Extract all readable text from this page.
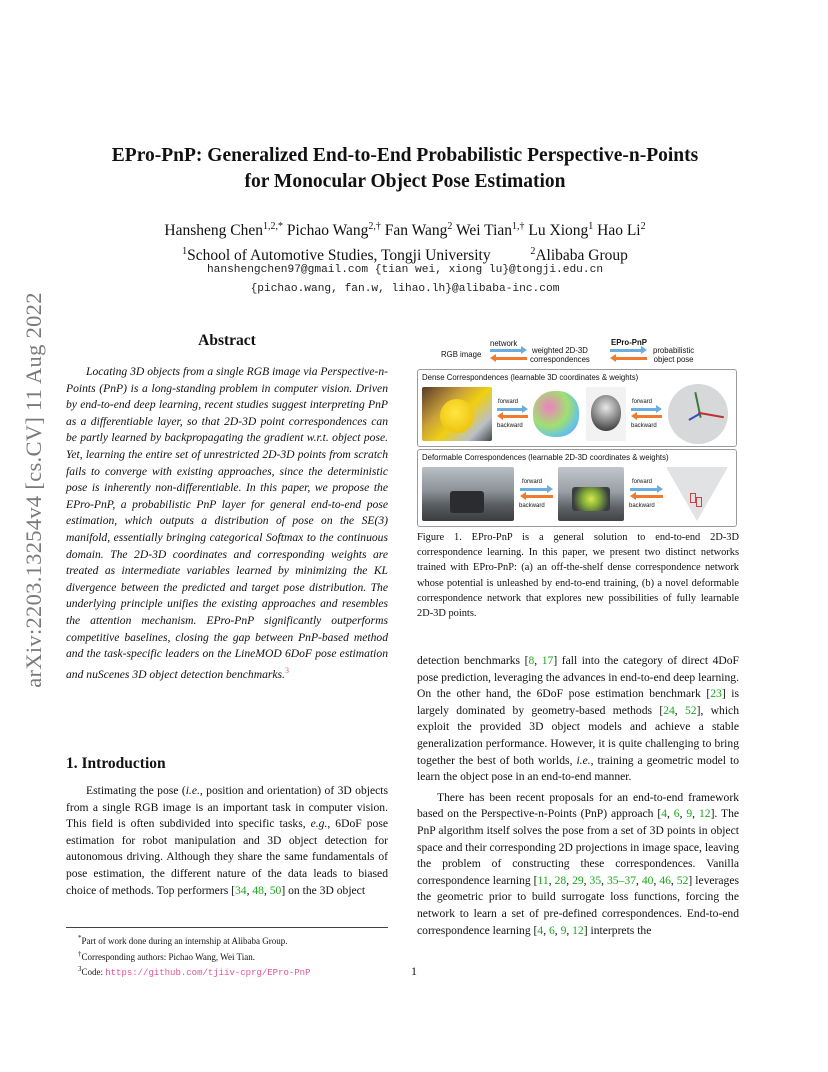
arXiv:2203.13254v4 [cs.CV] 11 Aug 2022
EPro-PnP: Generalized End-to-End Probabilistic Perspective-n-Points
for Monocular Object Pose Estimation
Hansheng Chen$^{1,2,*}$ Pichao Wang$^{2,\dagger}$ Fan Wang$^2$ Wei Tian$^{1,\dagger}$ Lu Xiong$^1$ Hao Li$^2$
$^1$School of Automotive Studies, Tongji University	$^2$Alibaba Group
hanshengchen97@gmail.com {tian wei, xiong lu}@tongji.edu.cn
{pichao.wang, fan.w, lihao.lh}@alibaba-inc.com
Abstract
Locating 3D objects from a single RGB image via Perspective-n-Points (PnP) is a long-standing problem in computer vision. Driven by end-to-end deep learning, recent studies suggest interpreting PnP as a differentiable layer, so that 2D-3D point correspondences can be partly learned by backpropagating the gradient w.r.t. object pose. Yet, learning the entire set of unrestricted 2D-3D points from scratch fails to converge with existing approaches, since the deterministic pose is inherently non-differentiable. In this paper, we propose the EPro-PnP, a probabilistic PnP layer for general end-to-end pose estimation, which outputs a distribution of pose on the SE(3) manifold, essentially bringing categorical Softmax to the continuous domain. The 2D-3D coordinates and corresponding weights are treated as intermediate variables learned by minimizing the KL divergence between the predicted and target pose distribution. The underlying principle unifies the existing approaches and resembles the attention mechanism. EPro-PnP significantly outperforms competitive baselines, closing the gap between PnP-based method and the task-specific leaders on the LineMOD 6DoF pose estimation and nuScenes 3D object detection benchmarks.$^3$
1. Introduction
Estimating the pose (i.e., position and orientation) of 3D objects from a single RGB image is an important task in computer vision. This field is often subdivided into specific tasks, e.g., 6DoF pose estimation for robot manipulation and 3D object detection for autonomous driving. Although they share the same fundamentals of pose estimation, the different nature of the data leads to biased choice of methods. Top performers [34, 48, 50] on the 3D object
*Part of work done during an internship at Alibaba Group.
†Corresponding authors: Pichao Wang, Wei Tian.
$^3$Code: https://github.com/tjiiv-cprg/EPro-PnP
RGB image
network
weighted 2D-3D
correspondences
EPro-PnP
probabilistic
object pose
Dense Correspondences (learnable 3D coordinates & weights)
forward
backward
forward
backward
Deformable Correspondences (learnable 2D-3D coordinates & weights)
forward
backward
forward
backward
Figure 1. EPro-PnP is a general solution to end-to-end 2D-3D correspondence learning. In this paper, we present two distinct networks trained with EPro-PnP: (a) an off-the-shelf dense correspondence network whose potential is unleashed by end-to-end training, (b) a novel deformable correspondence network that explores new possibilities of fully learnable 2D-3D points.
detection benchmarks [8, 17] fall into the category of direct 4DoF pose prediction, leveraging the advances in end-to-end deep learning. On the other hand, the 6DoF pose estimation benchmark [23] is largely dominated by geometry-based methods [24, 52], which exploit the provided 3D object models and achieve a stable generalization performance. However, it is quite challenging to bring together the best of both worlds, i.e., training a geometric model to learn the object pose in an end-to-end manner.
There has been recent proposals for an end-to-end framework based on the Perspective-n-Points (PnP) approach [4, 6, 9, 12]. The PnP algorithm itself solves the pose from a set of 3D points in object space and their corresponding 2D projections in image space, leaving the problem of constructing these correspondences. Vanilla correspondence learning [11, 28, 29, 35, 35–37, 40, 46, 52] leverages the geometric prior to build surrogate loss functions, forcing the network to learn a set of pre-defined correspondences. End-to-end correspondence learning [4, 6, 9, 12] interprets the
1
